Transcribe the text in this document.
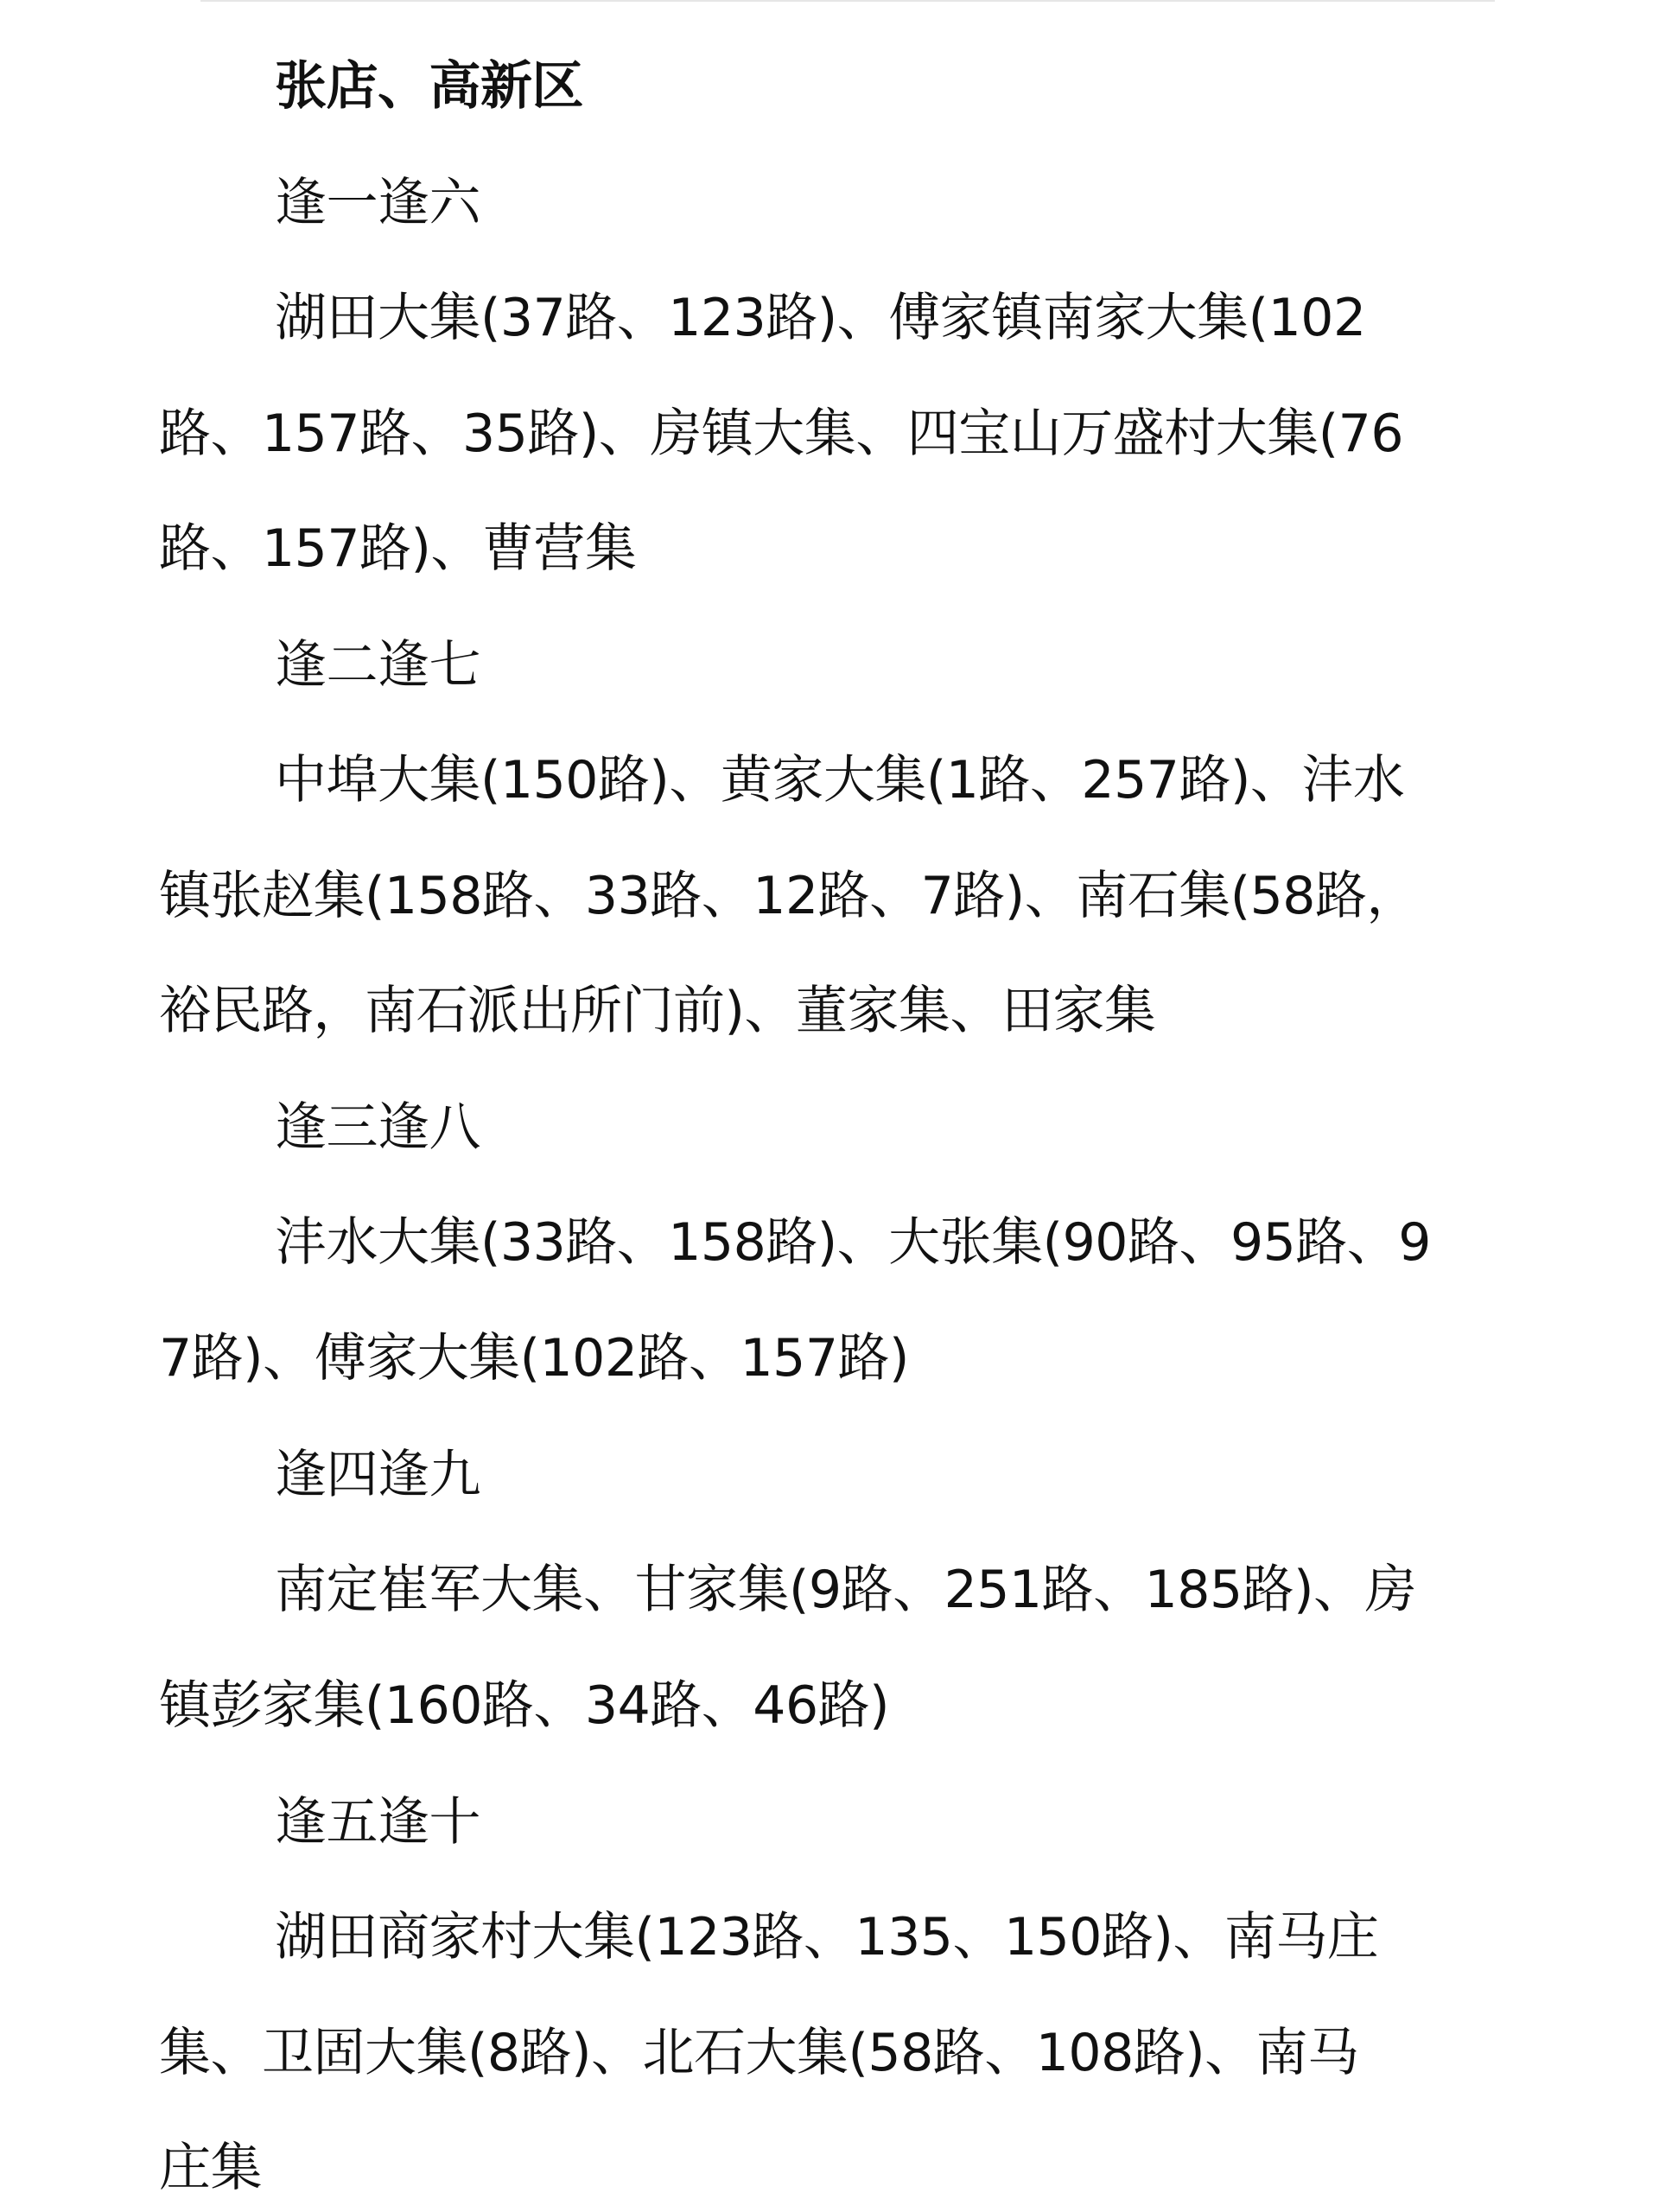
张店、高新区
逢一逢六
湖田大集(37路、123路)、傅家镇南家大集(102
路、157路、35路)、房镇大集、四宝山万盛村大集(76
路、157路)、曹营集
逢二逢七
中埠大集(150路)、黄家大集(1路、257路)、沣水
镇张赵集(158路、33路、12路、7路)、南石集(58路，
裕民路，南石派出所门前)、董家集、田家集
逢三逢八
沣水大集(33路、158路)、大张集(90路、95路、9
7路)、傅家大集(102路、157路)
逢四逢九
南定崔军大集、甘家集(9路、251路、185路)、房
镇彭家集(160路、34路、46路)
逢五逢十
湖田商家村大集(123路、135、150路)、南马庄
集、卫固大集(8路)、北石大集(58路、108路)、南马
庄集
